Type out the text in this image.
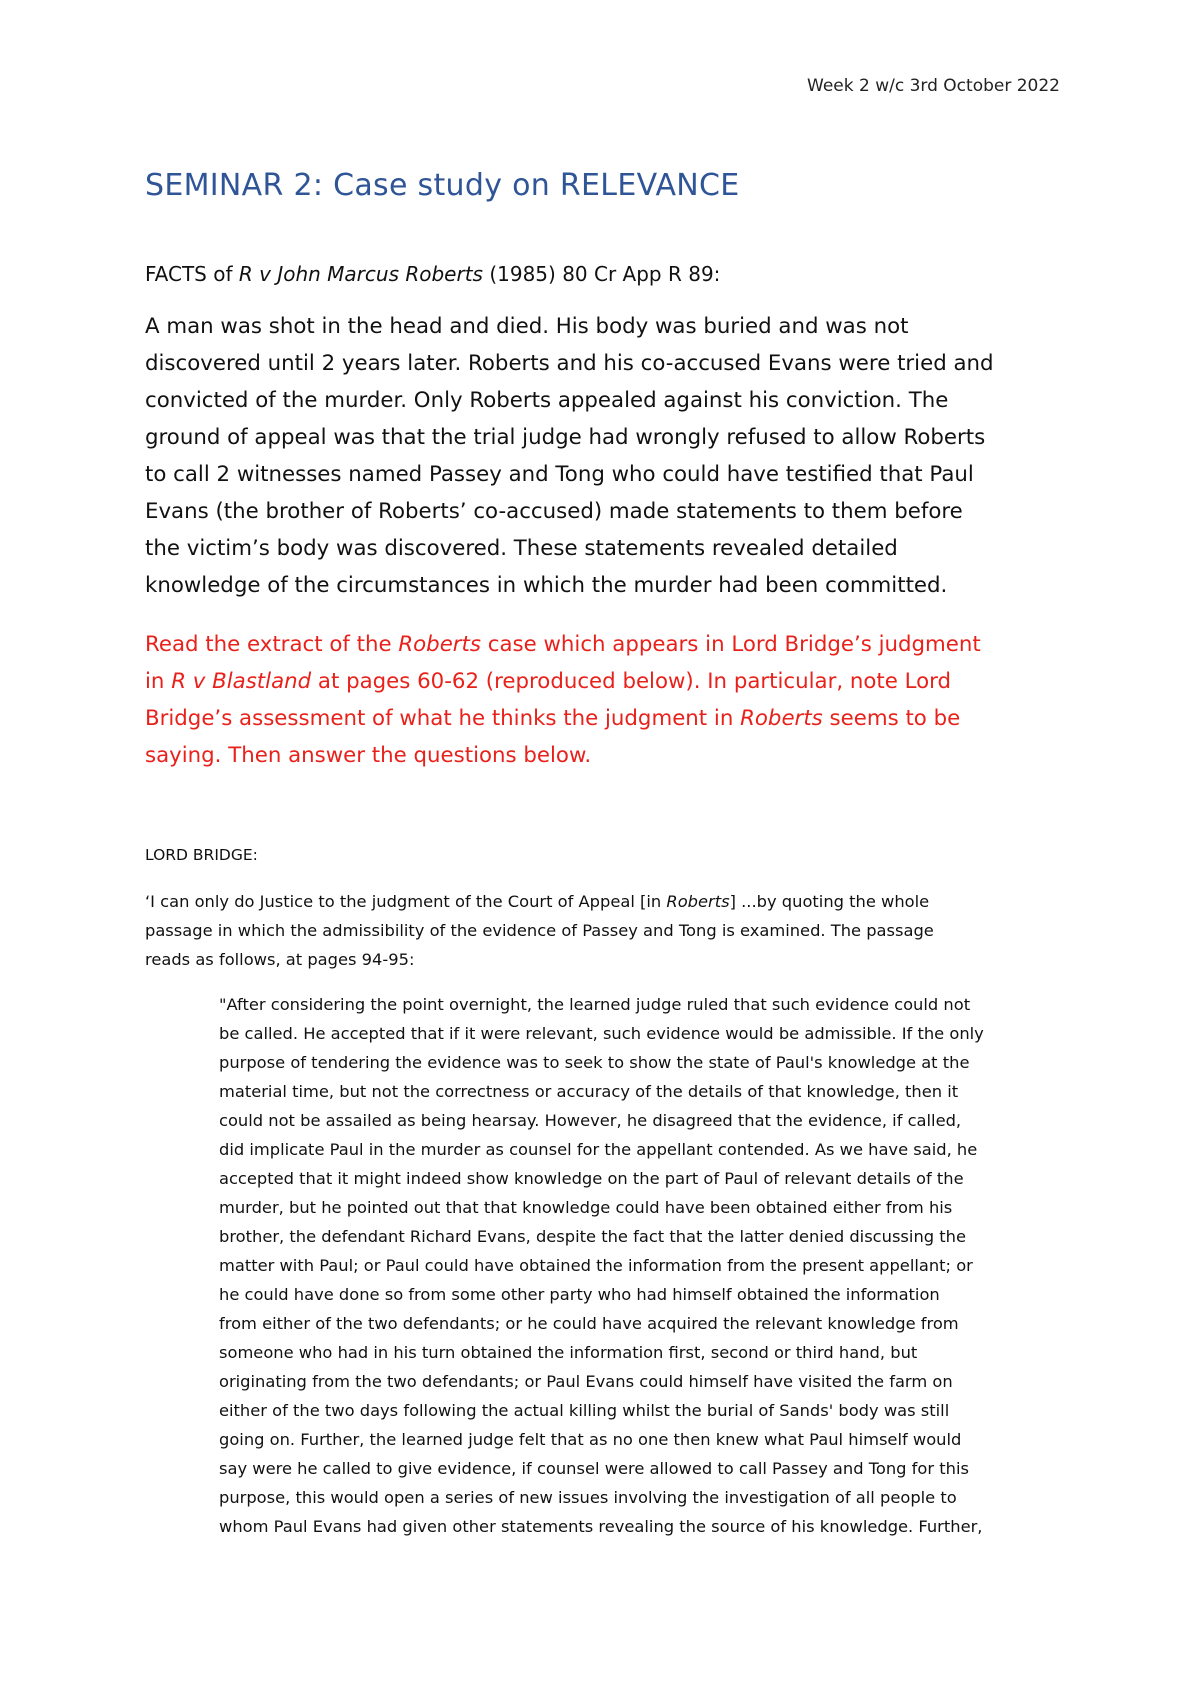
Week 2 w/c 3rd October 2022
SEMINAR 2: Case study on RELEVANCE
FACTS of R v John Marcus Roberts (1985) 80 Cr App R 89:
A man was shot in the head and died. His body was buried and was not
discovered until 2 years later. Roberts and his co-accused Evans were tried and
convicted of the murder. Only Roberts appealed against his conviction. The
ground of appeal was that the trial judge had wrongly refused to allow Roberts
to call 2 witnesses named Passey and Tong who could have testified that Paul
Evans (the brother of Roberts’ co-accused) made statements to them before
the victim’s body was discovered. These statements revealed detailed
knowledge of the circumstances in which the murder had been committed.
Read the extract of the Roberts case which appears in Lord Bridge’s judgment
in R v Blastland at pages 60-62 (reproduced below). In particular, note Lord
Bridge’s assessment of what he thinks the judgment in Roberts seems to be
saying. Then answer the questions below.
LORD BRIDGE:
‘I can only do Justice to the judgment of the Court of Appeal [in Roberts] ...by quoting the whole
passage in which the admissibility of the evidence of Passey and Tong is examined. The passage
reads as follows, at pages 94-95:
"After considering the point overnight, the learned judge ruled that such evidence could not
be called. He accepted that if it were relevant, such evidence would be admissible. If the only
purpose of tendering the evidence was to seek to show the state of Paul's knowledge at the
material time, but not the correctness or accuracy of the details of that knowledge, then it
could not be assailed as being hearsay. However, he disagreed that the evidence, if called,
did implicate Paul in the murder as counsel for the appellant contended. As we have said, he
accepted that it might indeed show knowledge on the part of Paul of relevant details of the
murder, but he pointed out that that knowledge could have been obtained either from his
brother, the defendant Richard Evans, despite the fact that the latter denied discussing the
matter with Paul; or Paul could have obtained the information from the present appellant; or
he could have done so from some other party who had himself obtained the information
from either of the two defendants; or he could have acquired the relevant knowledge from
someone who had in his turn obtained the information first, second or third hand, but
originating from the two defendants; or Paul Evans could himself have visited the farm on
either of the two days following the actual killing whilst the burial of Sands' body was still
going on. Further, the learned judge felt that as no one then knew what Paul himself would
say were he called to give evidence, if counsel were allowed to call Passey and Tong for this
purpose, this would open a series of new issues involving the investigation of all people to
whom Paul Evans had given other statements revealing the source of his knowledge. Further,
